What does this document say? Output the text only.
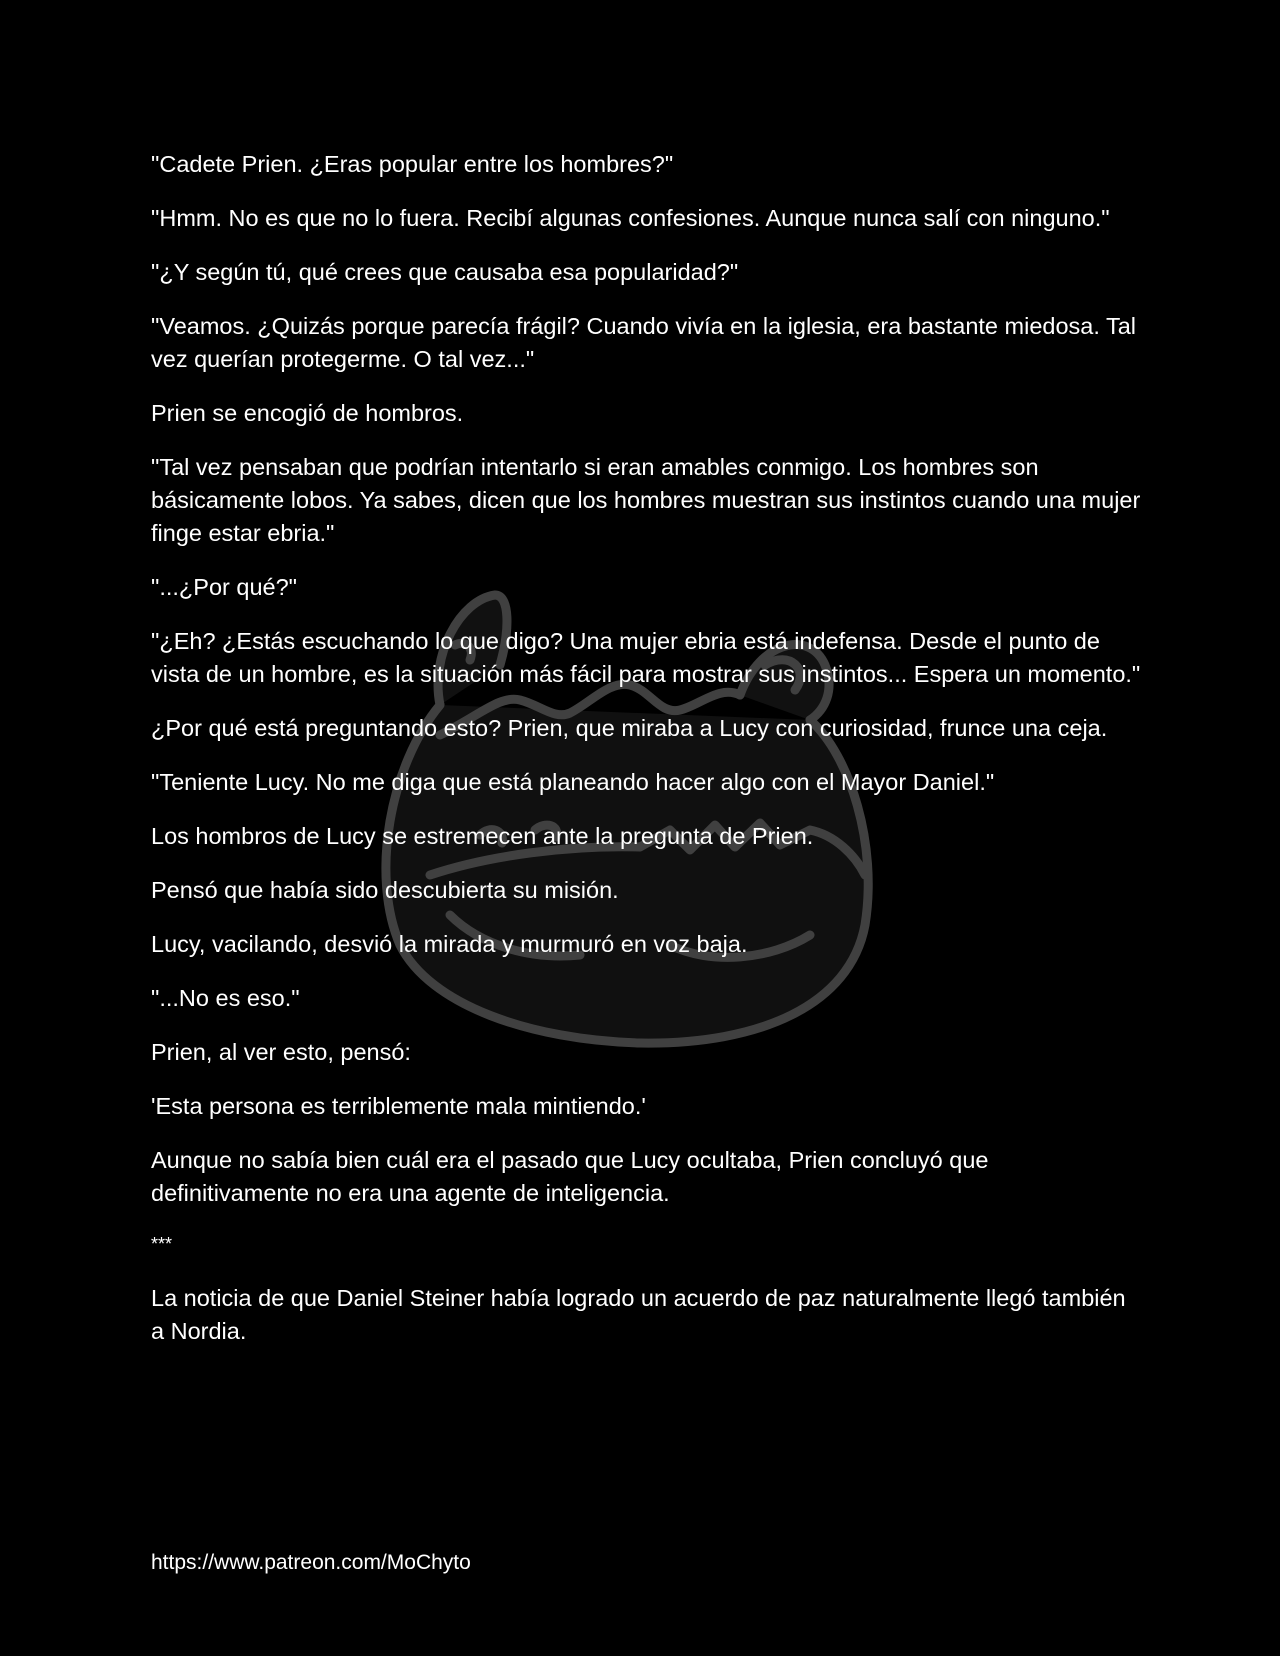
"Cadete Prien. ¿Eras popular entre los hombres?"

"Hmm. No es que no lo fuera. Recibí algunas confesiones. Aunque nunca salí con ninguno."

"¿Y según tú, qué crees que causaba esa popularidad?"

"Veamos. ¿Quizás porque parecía frágil? Cuando vivía en la iglesia, era bastante miedosa. Tal vez querían protegerme. O tal vez..."

Prien se encogió de hombros.

"Tal vez pensaban que podrían intentarlo si eran amables conmigo. Los hombres son básicamente lobos. Ya sabes, dicen que los hombres muestran sus instintos cuando una mujer finge estar ebria."

"...¿Por qué?"

"¿Eh? ¿Estás escuchando lo que digo? Una mujer ebria está indefensa. Desde el punto de vista de un hombre, es la situación más fácil para mostrar sus instintos... Espera un momento."

¿Por qué está preguntando esto? Prien, que miraba a Lucy con curiosidad, frunce una ceja.

"Teniente Lucy. No me diga que está planeando hacer algo con el Mayor Daniel."

Los hombros de Lucy se estremecen ante la pregunta de Prien.

Pensó que había sido descubierta su misión.

Lucy, vacilando, desvió la mirada y murmuró en voz baja.

"...No es eso."

Prien, al ver esto, pensó:

'Esta persona es terriblemente mala mintiendo.'

Aunque no sabía bien cuál era el pasado que Lucy ocultaba, Prien concluyó que definitivamente no era una agente de inteligencia.

***

La noticia de que Daniel Steiner había logrado un acuerdo de paz naturalmente llegó también a Nordia.

https://www.patreon.com/MoChyto
